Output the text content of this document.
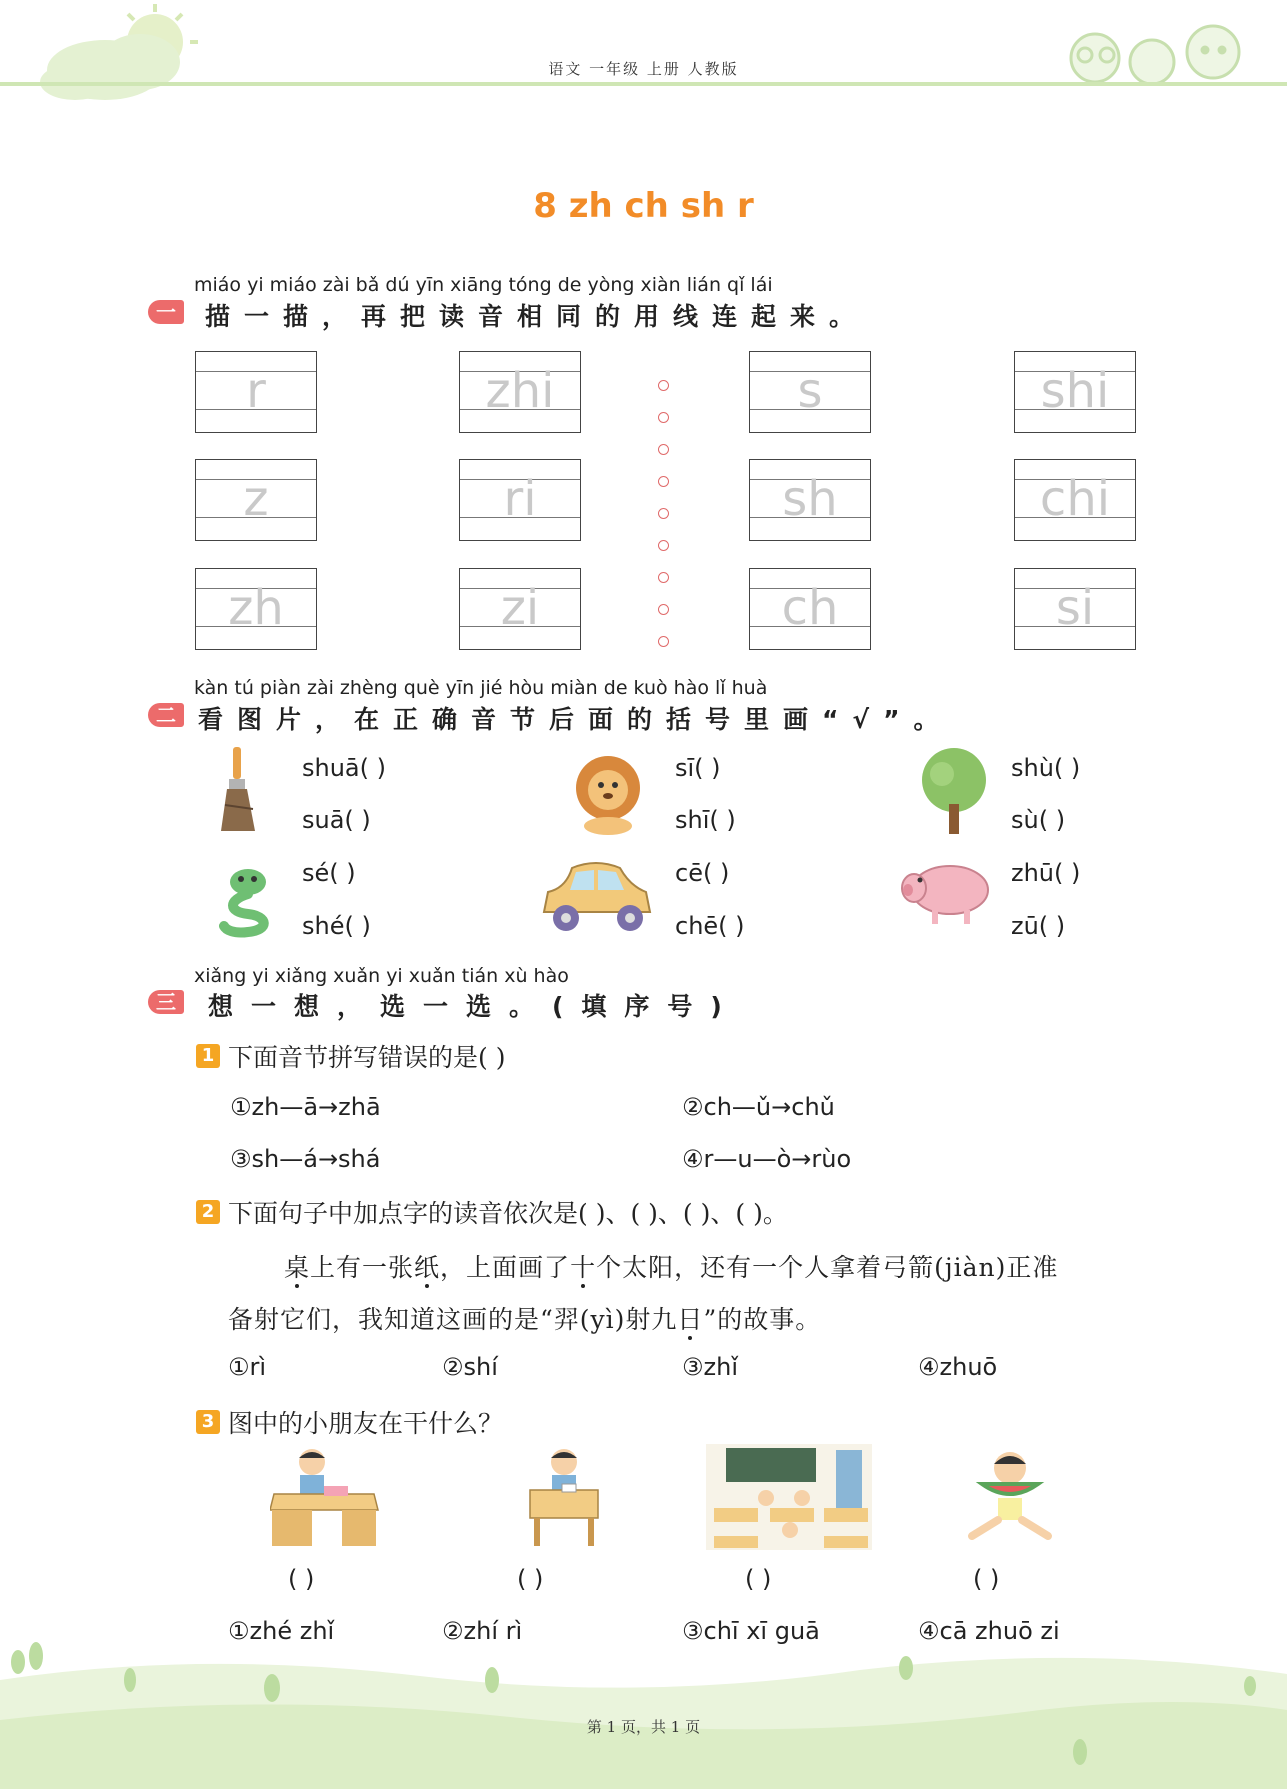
语文 一年级 上册 人教版
8 zh ch sh r
miáo yi miáo zài bǎ dú yīn xiāng tóng de yòng xiàn lián qǐ lái
一	描一描，再把读音相同的用线连起来。
r	zhi	s	shi
z	ri	sh	chi
zh	zi	ch	si
kàn tú piàn zài zhèng què yīn jié hòu miàn de kuò hào lǐ huà
二 看图片，在正确音节后面的括号里画“√”。
shuā( )
suā( )
sī( )
shī( )
shù( )
sù( )
sé( )
shé( )
cē( )
chē( )
zhū( )
zū( )
xiǎng yi xiǎng xuǎn yi xuǎn tián xù hào
三	想一想，选一选。(填序号)
1 下面音节拼写错误的是( )
①zh—ā→zhā	②ch—ǔ→chǔ
③sh—á→shá	④r—u—ò→rùo
2 下面句子中加点字的读音依次是( )、( )、( )、( )。
桌上有一张纸，上面画了十个太阳，还有一个人拿着弓箭(jiàn)正准
备射它们，我知道这画的是“羿(yì)射九日”的故事。
①rì	②shí	③zhǐ	④zhuō
3 图中的小朋友在干什么？
( )	( )	( )	( )
①zhé zhǐ	②zhí rì	③chī xī guā	④cā zhuō zi
第 1 页，共 1 页
